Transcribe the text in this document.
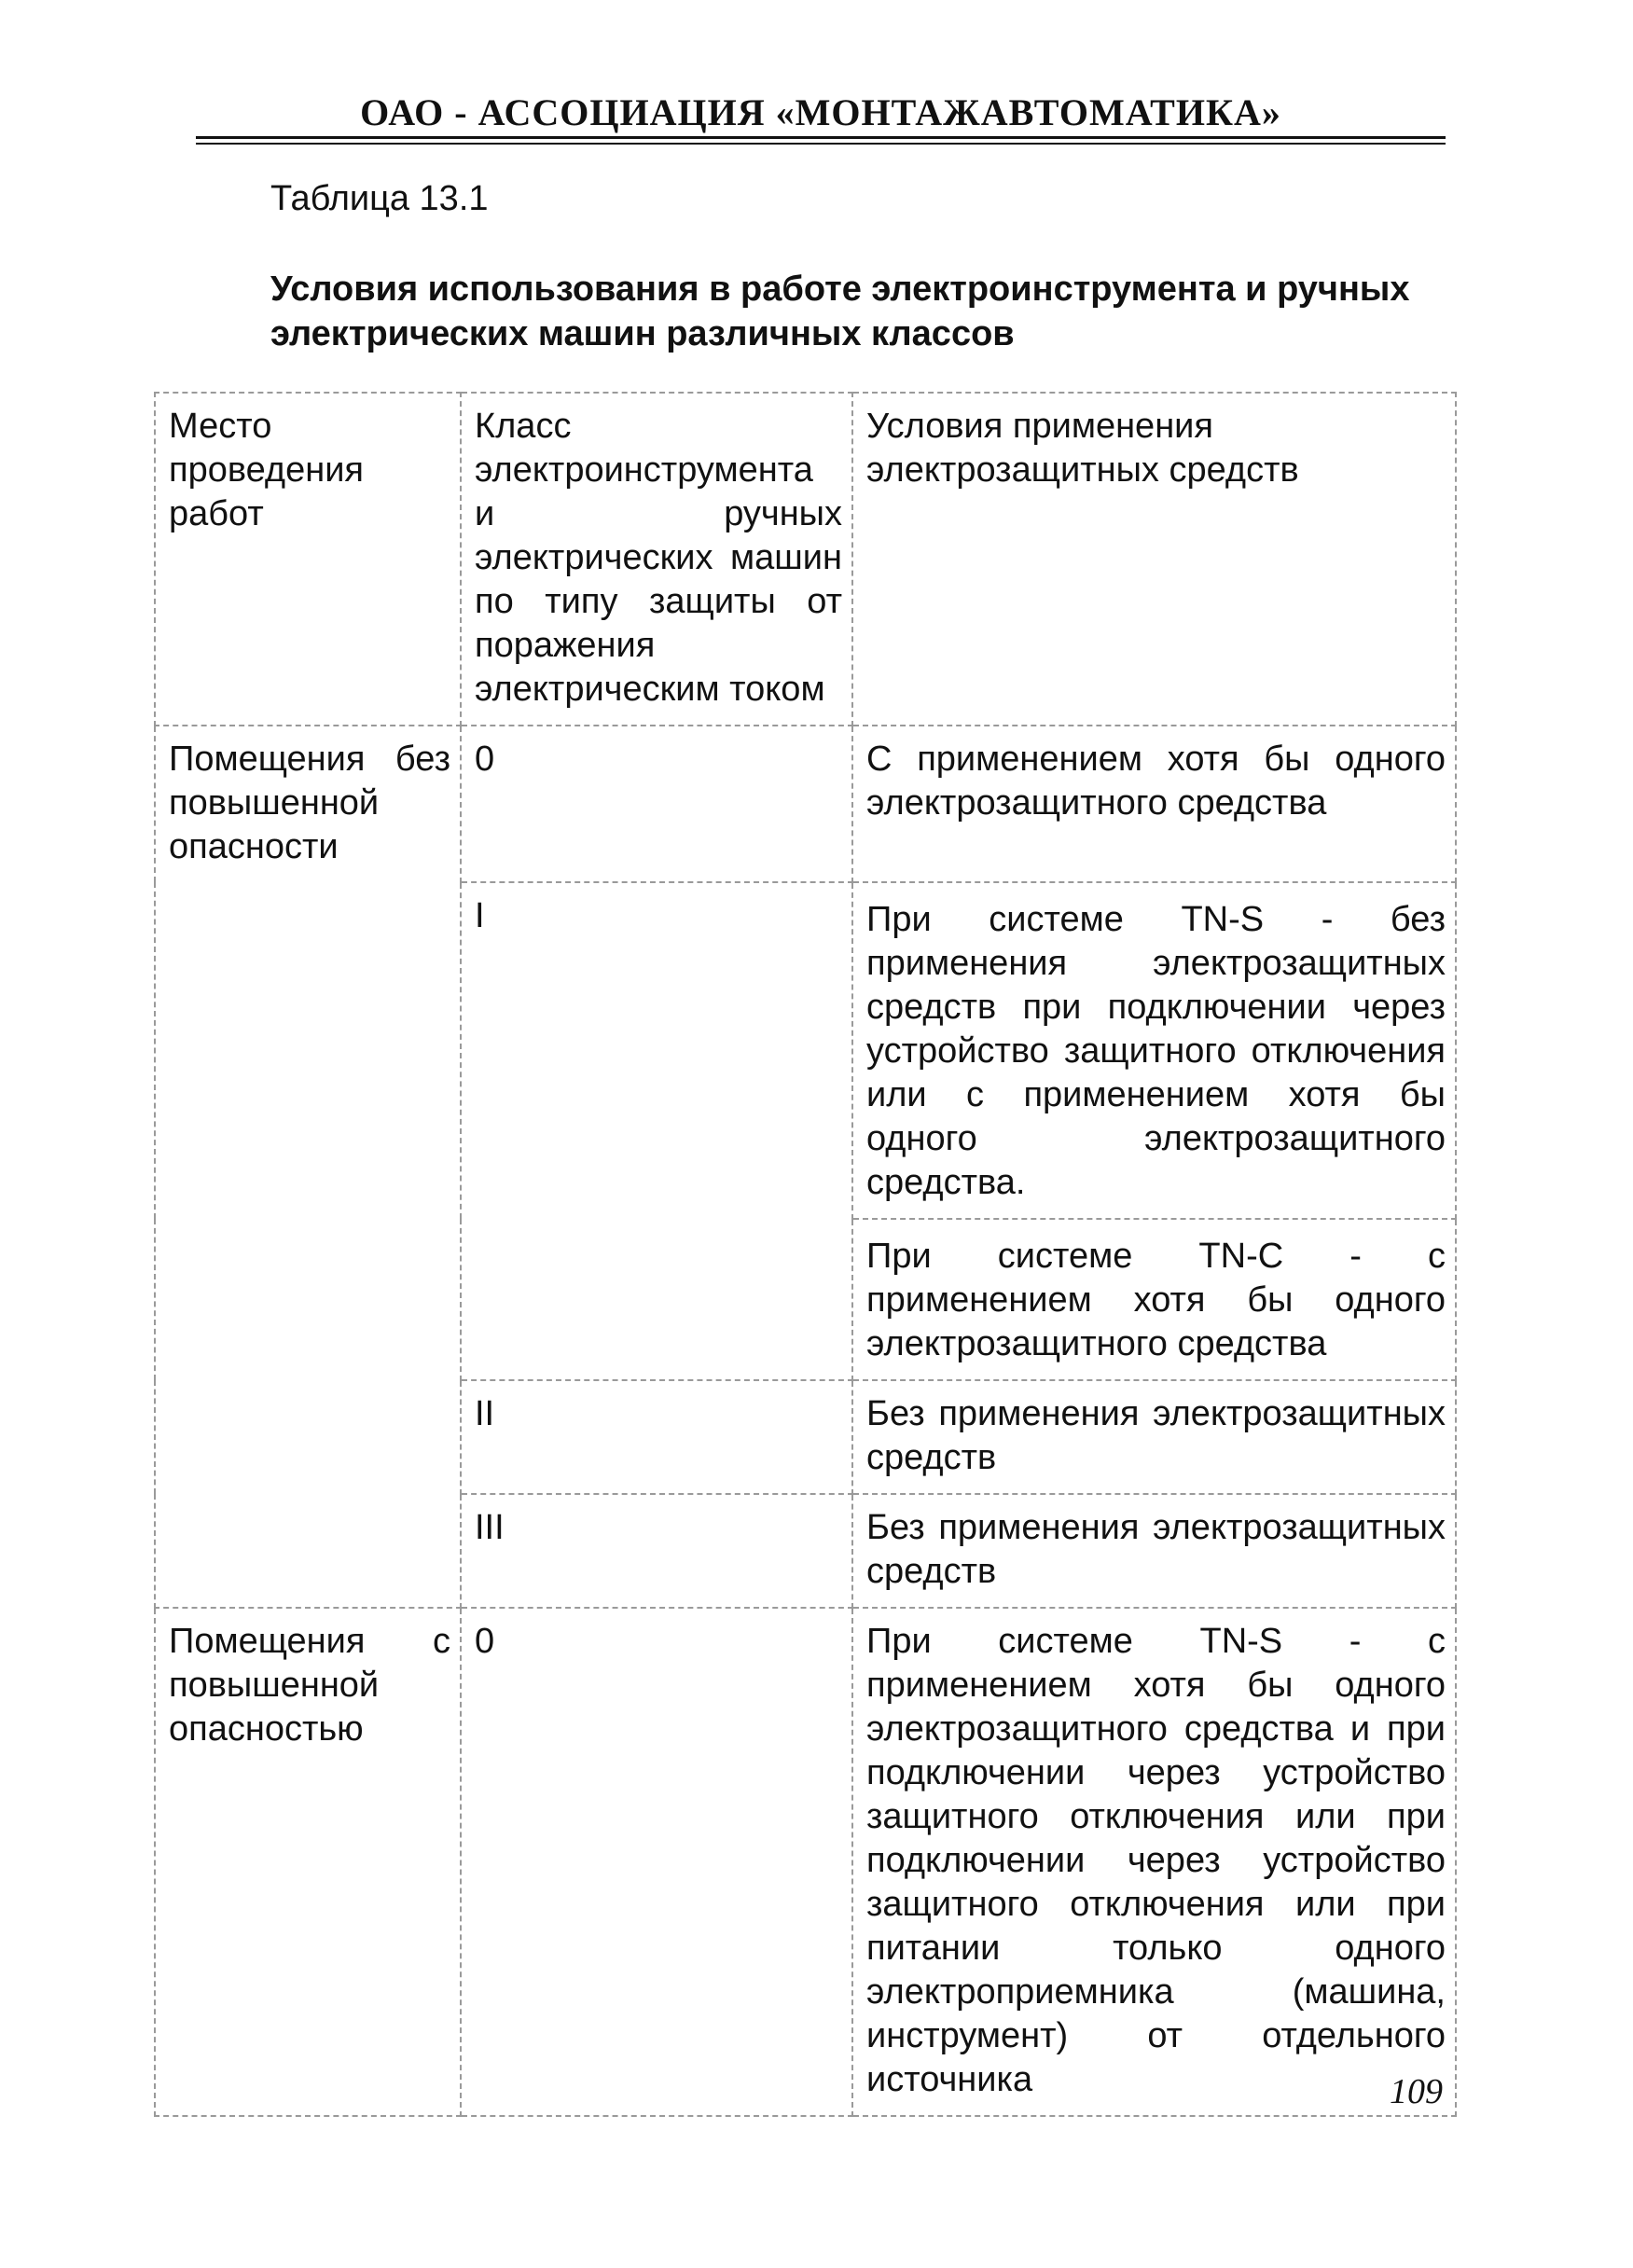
ОАО - АССОЦИАЦИЯ «МОНТАЖАВТОМАТИКА»
Таблица 13.1
Условия использования в работе электроинструмента и ручных электрических машин различных классов
Место проведения работ	Класс электроинструмента и ручных электрических машин по типу защиты от поражения электрическим током	Условия применения электрозащитных средств
Помещения без повышенной опасности	0	С применением хотя бы одного электрозащитного средства
	I	При системе TN-S - без применения электрозащитных средств при подключении через устройство защитного отключения или с применением хотя бы одного электрозащитного средства.
		При системе TN-C - с применением хотя бы одного электрозащитного средства
	II	Без применения электрозащитных средств
	III	Без применения электрозащитных средств
Помещения с повышенной опасностью	0	При системе TN-S - с применением хотя бы одного электрозащитного средства и при подключении через устройство защитного отключения или при подключении через устройство защитного отключения или при питании только одного электроприемника (машина, инструмент) от отдельного источника	109
